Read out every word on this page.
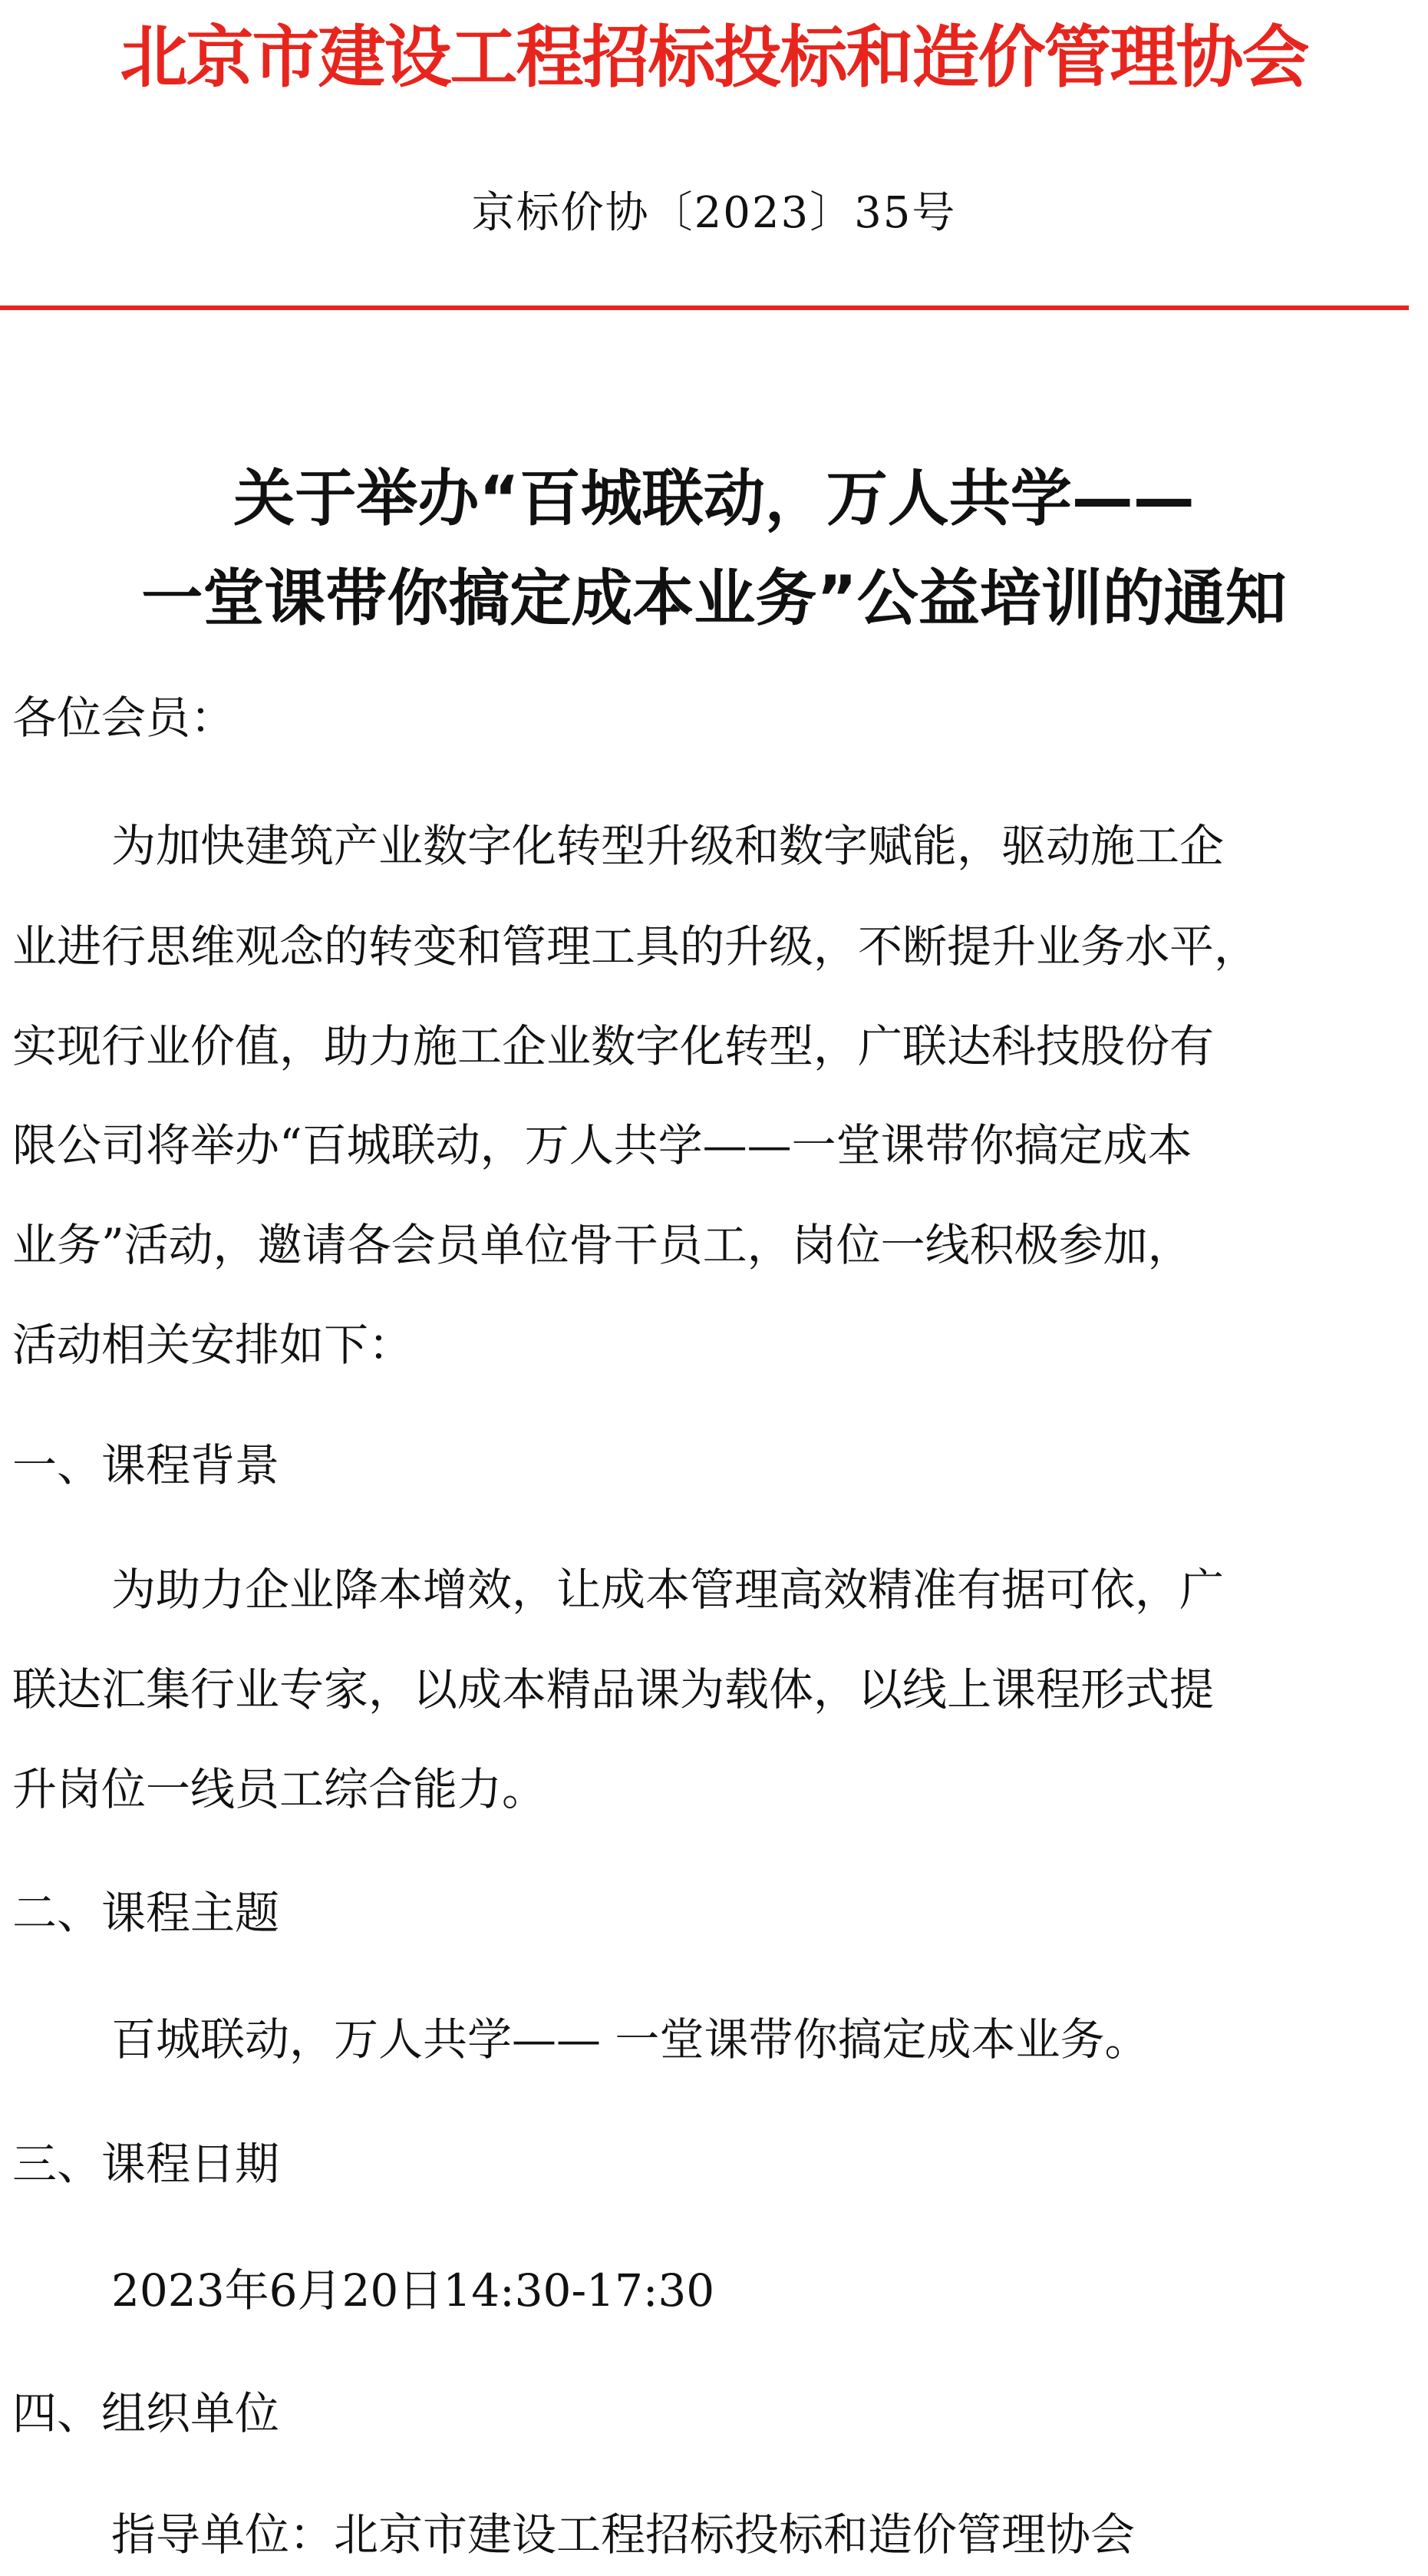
北京市建设工程招标投标和造价管理协会
京标价协〔2023〕35号
关于举办“百城联动，万人共学——
一堂课带你搞定成本业务”公益培训的通知
各位会员：
为加快建筑产业数字化转型升级和数字赋能，驱动施工企
业进行思维观念的转变和管理工具的升级，不断提升业务水平，
实现行业价值，助力施工企业数字化转型，广联达科技股份有
限公司将举办“百城联动，万人共学——一堂课带你搞定成本
业务”活动，邀请各会员单位骨干员工，岗位一线积极参加，
活动相关安排如下：
一、课程背景
为助力企业降本增效，让成本管理高效精准有据可依，广
联达汇集行业专家，以成本精品课为载体，以线上课程形式提
升岗位一线员工综合能力。
二、课程主题
百城联动，万人共学—— 一堂课带你搞定成本业务。
三、课程日期
2023年6月20日14:30-17:30
四、组织单位
指导单位：北京市建设工程招标投标和造价管理协会
